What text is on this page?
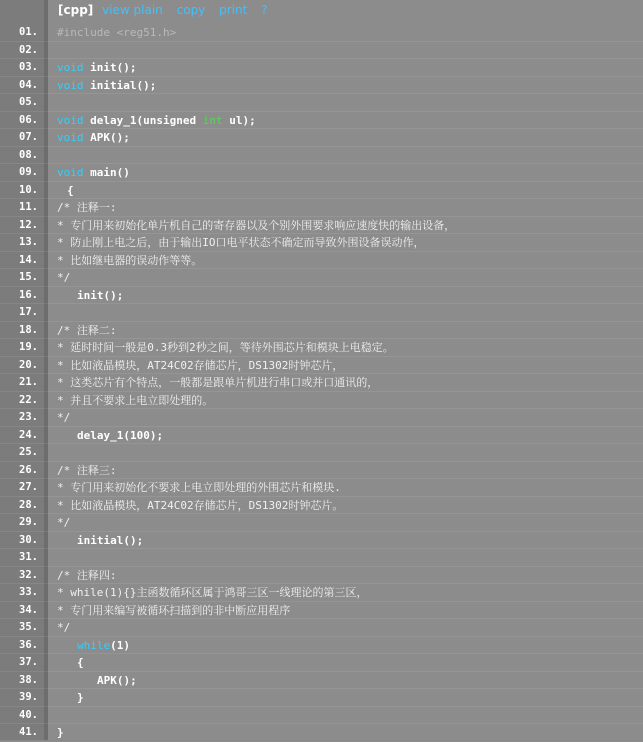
[cpp] view plain copy print ?
01. #include <reg51.h>
02.
03. void init();
04. void initial();
05.
06. void delay_1(unsigned int ul);
07. void APK();
08.
09. void main()
10.	{
11. /* 注释一:
12. * 专门用来初始化单片机自己的寄存器以及个别外围要求响应速度快的输出设备，
13. * 防止刚上电之后，由于输出IO口电平状态不确定而导致外围设备误动作，
14. * 比如继电器的误动作等等。
15. */
16.	init();
17.
18. /* 注释二:
19. * 延时时间一般是0.3秒到2秒之间，等待外围芯片和模块上电稳定。
20. * 比如液晶模块，AT24C02存储芯片，DS1302时钟芯片，
21. * 这类芯片有个特点，一般都是跟单片机进行串口或并口通讯的，
22. * 并且不要求上电立即处理的。
23. */
24.	delay_1(100);
25.
26. /* 注释三:
27. * 专门用来初始化不要求上电立即处理的外围芯片和模块.
28. * 比如液晶模块，AT24C02存储芯片，DS1302时钟芯片。
29. */
30.	initial();
31.
32. /* 注释四:
33. * while(1){}主函数循环区属于鸿哥三区一线理论的第三区，
34. * 专门用来编写被循环扫描到的非中断应用程序
35. */
36.	while(1)
37.	{
38.	APK();
39.	}
40.
41. }
